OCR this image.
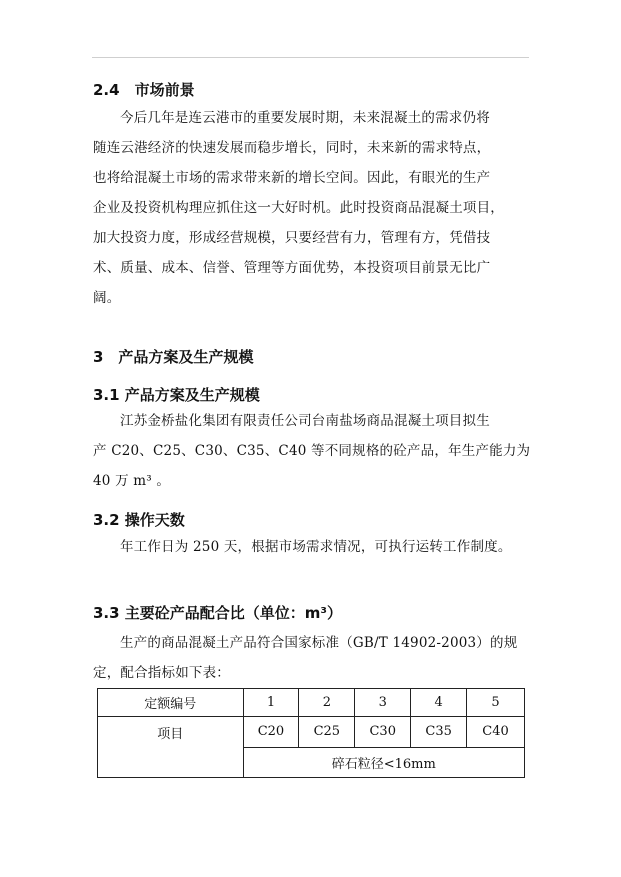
2.4　市场前景
今后几年是连云港市的重要发展时期，未来混凝土的需求仍将
随连云港经济的快速发展而稳步增长，同时，未来新的需求特点，
也将给混凝土市场的需求带来新的增长空间。因此，有眼光的生产
企业及投资机构理应抓住这一大好时机。此时投资商品混凝土项目，
加大投资力度，形成经营规模，只要经营有力，管理有方，凭借技
术、质量、成本、信誉、管理等方面优势，本投资项目前景无比广
阔。
3　产品方案及生产规模
3.1 产品方案及生产规模
江苏金桥盐化集团有限责任公司台南盐场商品混凝土项目拟生
产 C20、C25、C30、C35、C40 等不同规格的砼产品，年生产能力为
40 万 m³ 。
3.2 操作天数
年工作日为 250 天，根据市场需求情况，可执行运转工作制度。
3.3 主要砼产品配合比（单位：m³）
生产的商品混凝土产品符合国家标准（GB/T 14902-2003）的规
定，配合指标如下表：
定额编号	1	2	3	4	5
项目	C20	C25	C30	C35	C40
	碎石粒径<16mm				
